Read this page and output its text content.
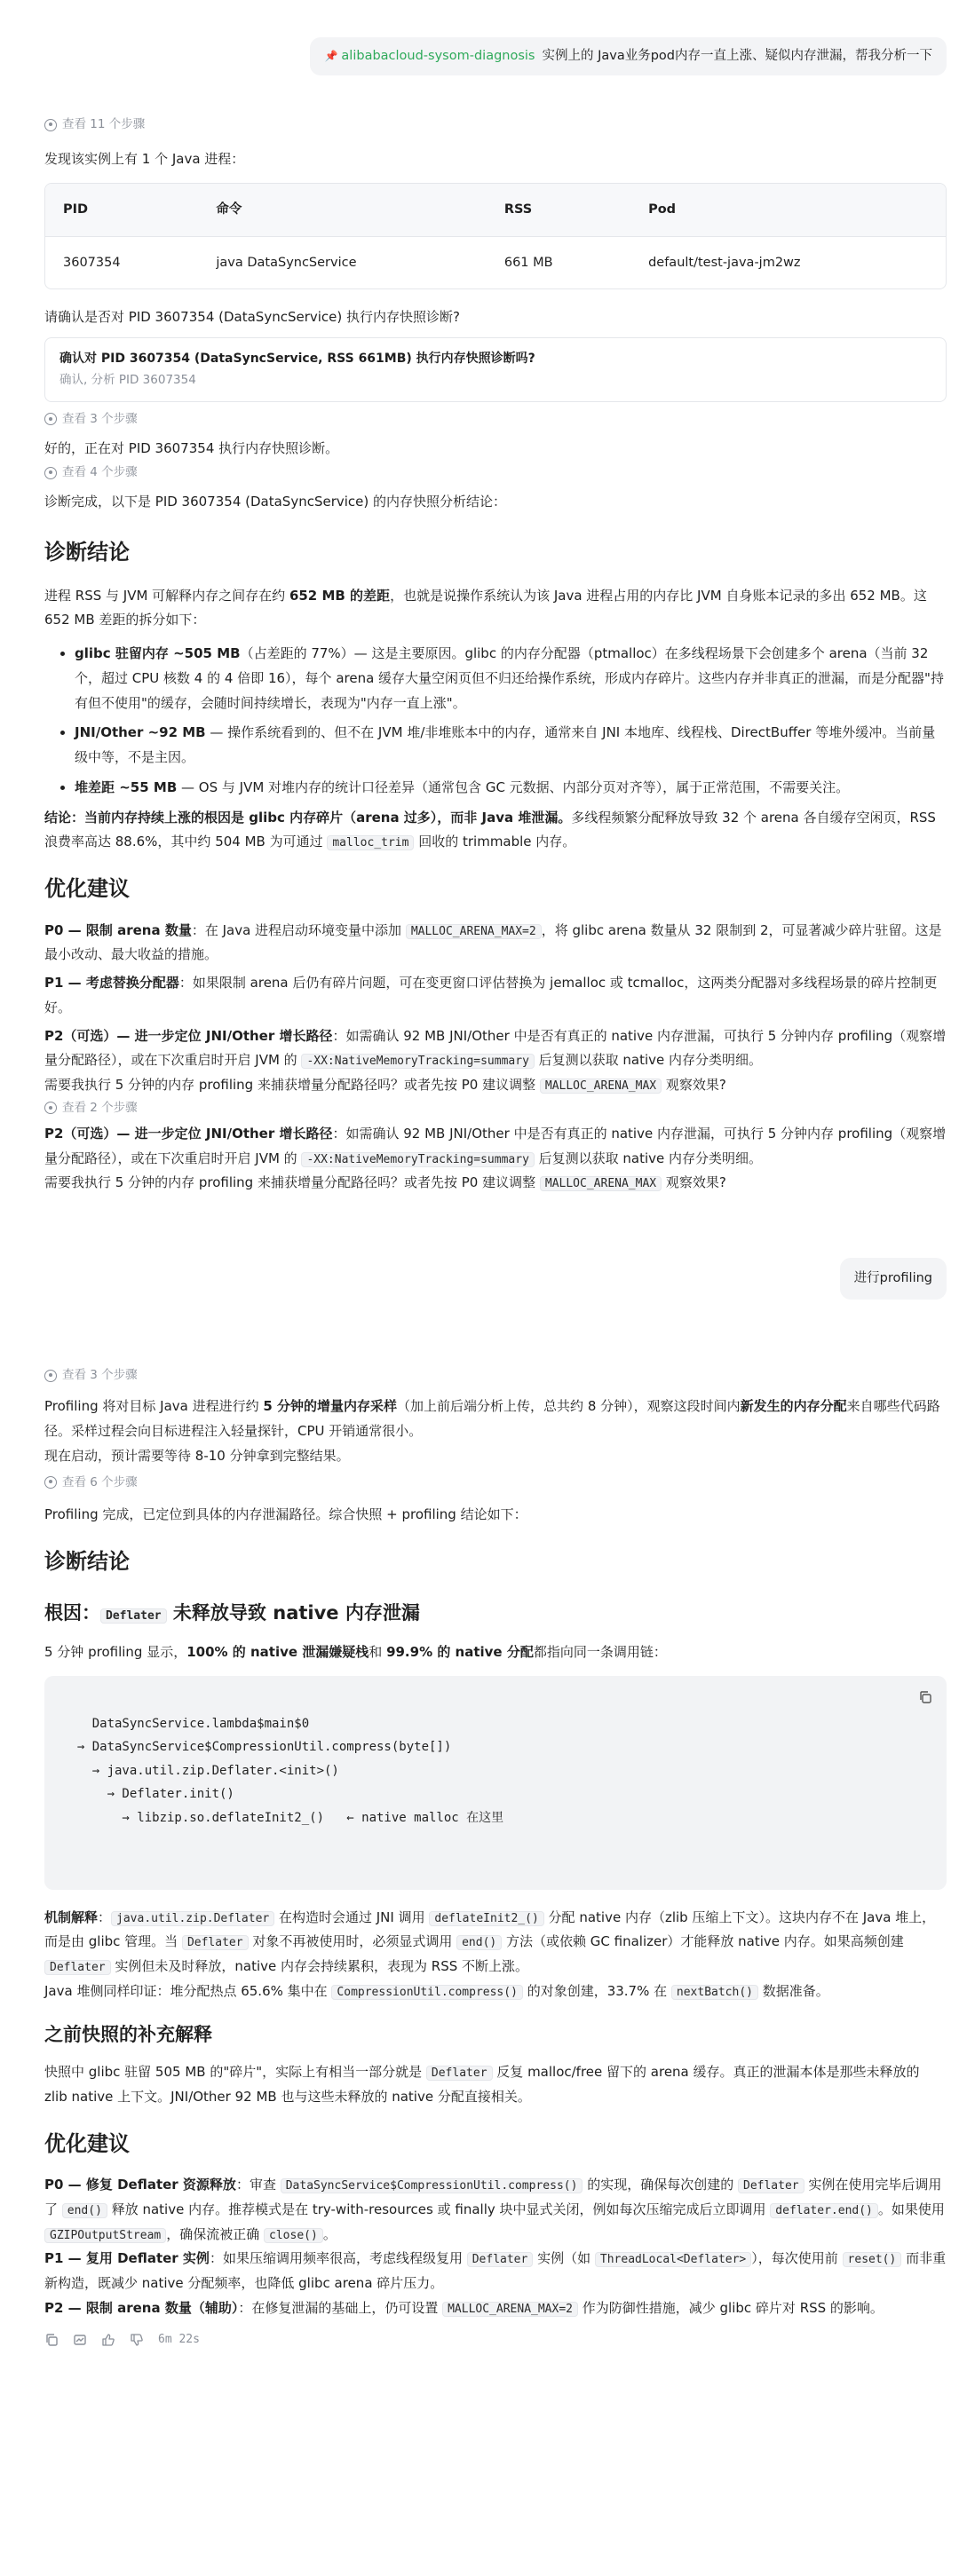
📌 alibabacloud-sysom-diagnosis 实例上的 Java业务pod内存一直上涨、疑似内存泄漏，帮我分析一下
查看 11 个步骤

发现该实例上有 1 个 Java 进程：

PID	命令	RSS	Pod
3607354	java DataSyncService	661 MB	default/test-java-jm2wz

请确认是否对 PID 3607354 (DataSyncService) 执行内存快照诊断?

确认对 PID 3607354 (DataSyncService, RSS 661MB) 执行内存快照诊断吗?
确认, 分析 PID 3607354
查看 3 个步骤

好的，正在对 PID 3607354 执行内存快照诊断。

查看 4 个步骤

诊断完成，以下是 PID 3607354 (DataSyncService) 的内存快照分析结论：

诊断结论

进程 RSS 与 JVM 可解释内存之间存在约 652 MB 的差距，也就是说操作系统认为该 Java 进程占用的内存比 JVM 自身账本记录的多出 652 MB。这 652 MB 差距的拆分如下：

• glibc 驻留内存 ~505 MB（占差距的 77%）— 这是主要原因。glibc 的内存分配器（ptmalloc）在多线程场景下会创建多个 arena（当前 32 个，超过 CPU 核数 4 的 4 倍即 16），每个 arena 缓存大量空闲页但不归还给操作系统，形成内存碎片。这些内存并非真正的泄漏，而是分配器"持有但不使用"的缓存，会随时间持续增长，表现为"内存一直上涨"。
• JNI/Other ~92 MB — 操作系统看到的、但不在 JVM 堆/非堆账本中的内存，通常来自 JNI 本地库、线程栈、DirectBuffer 等堆外缓冲。当前量级中等，不是主因。
• 堆差距 ~55 MB — OS 与 JVM 对堆内存的统计口径差异（通常包含 GC 元数据、内部分页对齐等），属于正常范围，不需要关注。

结论：当前内存持续上涨的根因是 glibc 内存碎片（arena 过多），而非 Java 堆泄漏。多线程频繁分配释放导致 32 个 arena 各自缓存空闲页，RSS 浪费率高达 88.6%，其中约 504 MB 为可通过 malloc_trim 回收的 trimmable 内存。

优化建议

P0 — 限制 arena 数量：在 Java 进程启动环境变量中添加 MALLOC_ARENA_MAX=2 ，将 glibc arena 数量从 32 限制到 2，可显著减少碎片驻留。这是最小改动、最大收益的措施。

P1 — 考虑替换分配器：如果限制 arena 后仍有碎片问题，可在变更窗口评估替换为 jemalloc 或 tcmalloc，这两类分配器对多线程场景的碎片控制更好。

P2（可选）— 进一步定位 JNI/Other 增长路径：如需确认 92 MB JNI/Other 中是否有真正的 native 内存泄漏，可执行 5 分钟内存 profiling（观察增量分配路径），或在下次重启时开启 JVM 的 -XX:NativeMemoryTracking=summary 后复测以获取 native 内存分类明细。

需要我执行 5 分钟的内存 profiling 来捕获增量分配路径吗？或者先按 P0 建议调整 MALLOC_ARENA_MAX 观察效果?

查看 2 个步骤

P2（可选）— 进一步定位 JNI/Other 增长路径：如需确认 92 MB JNI/Other 中是否有真正的 native 内存泄漏，可执行 5 分钟内存 profiling（观察增量分配路径），或在下次重启时开启 JVM 的 -XX:NativeMemoryTracking=summary 后复测以获取 native 内存分类明细。

需要我执行 5 分钟的内存 profiling 来捕获增量分配路径吗？或者先按 P0 建议调整 MALLOC_ARENA_MAX 观察效果?

进行profiling
查看 3 个步骤

Profiling 将对目标 Java 进程进行约 5 分钟的增量内存采样（加上前后端分析上传，总共约 8 分钟），观察这段时间内新发生的内存分配来自哪些代码路径。采样过程会向目标进程注入轻量探针，CPU 开销通常很小。

现在启动，预计需要等待 8-10 分钟拿到完整结果。

查看 6 个步骤

Profiling 完成，已定位到具体的内存泄漏路径。综合快照 + profiling 结论如下：

诊断结论
根因： Deflater 未释放导致 native 内存泄漏

5 分钟 profiling 显示，100% 的 native 泄漏嫌疑栈和 99.9% 的 native 分配都指向同一条调用链：

DataSyncService.lambda$main$0
→ DataSyncService$CompressionUtil.compress(byte[])
→ java.util.zip.Deflater.<init>()
→ Deflater.init()
→ libzip.so.deflateInit2_()   ← native malloc 在这里

机制解释： java.util.zip.Deflater 在构造时会通过 JNI 调用 deflateInit2_() 分配 native 内存（zlib 压缩上下文）。这块内存不在 Java 堆上，而是由 glibc 管理。当 Deflater 对象不再被使用时，必须显式调用 end() 方法（或依赖 GC finalizer）才能释放 native 内存。如果高频创建 Deflater 实例但未及时释放，native 内存会持续累积，表现为 RSS 不断上涨。

Java 堆侧同样印证：堆分配热点 65.6% 集中在 CompressionUtil.compress() 的对象创建，33.7% 在 nextBatch() 数据准备。

之前快照的补充解释

快照中 glibc 驻留 505 MB 的"碎片"，实际上有相当一部分就是 Deflater 反复 malloc/free 留下的 arena 缓存。真正的泄漏本体是那些未释放的 zlib native 上下文。JNI/Other 92 MB 也与这些未释放的 native 分配直接相关。

优化建议

P0 — 修复 Deflater 资源释放：审查 DataSyncService$CompressionUtil.compress() 的实现，确保每次创建的 Deflater 实例在使用完毕后调用了 end() 释放 native 内存。推荐模式是在 try-with-resources 或 finally 块中显式关闭，例如每次压缩完成后立即调用 deflater.end() 。如果使用 GZIPOutputStream ，确保流被正确 close() 。

P1 — 复用 Deflater 实例：如果压缩调用频率很高，考虑线程级复用 Deflater 实例（如 ThreadLocal<Deflater> ），每次使用前 reset() 而非重新构造，既减少 native 分配频率，也降低 glibc arena 碎片压力。

P2 — 限制 arena 数量（辅助）：在修复泄漏的基础上，仍可设置 MALLOC_ARENA_MAX=2 作为防御性措施，减少 glibc 碎片对 RSS 的影响。

6m 22s
